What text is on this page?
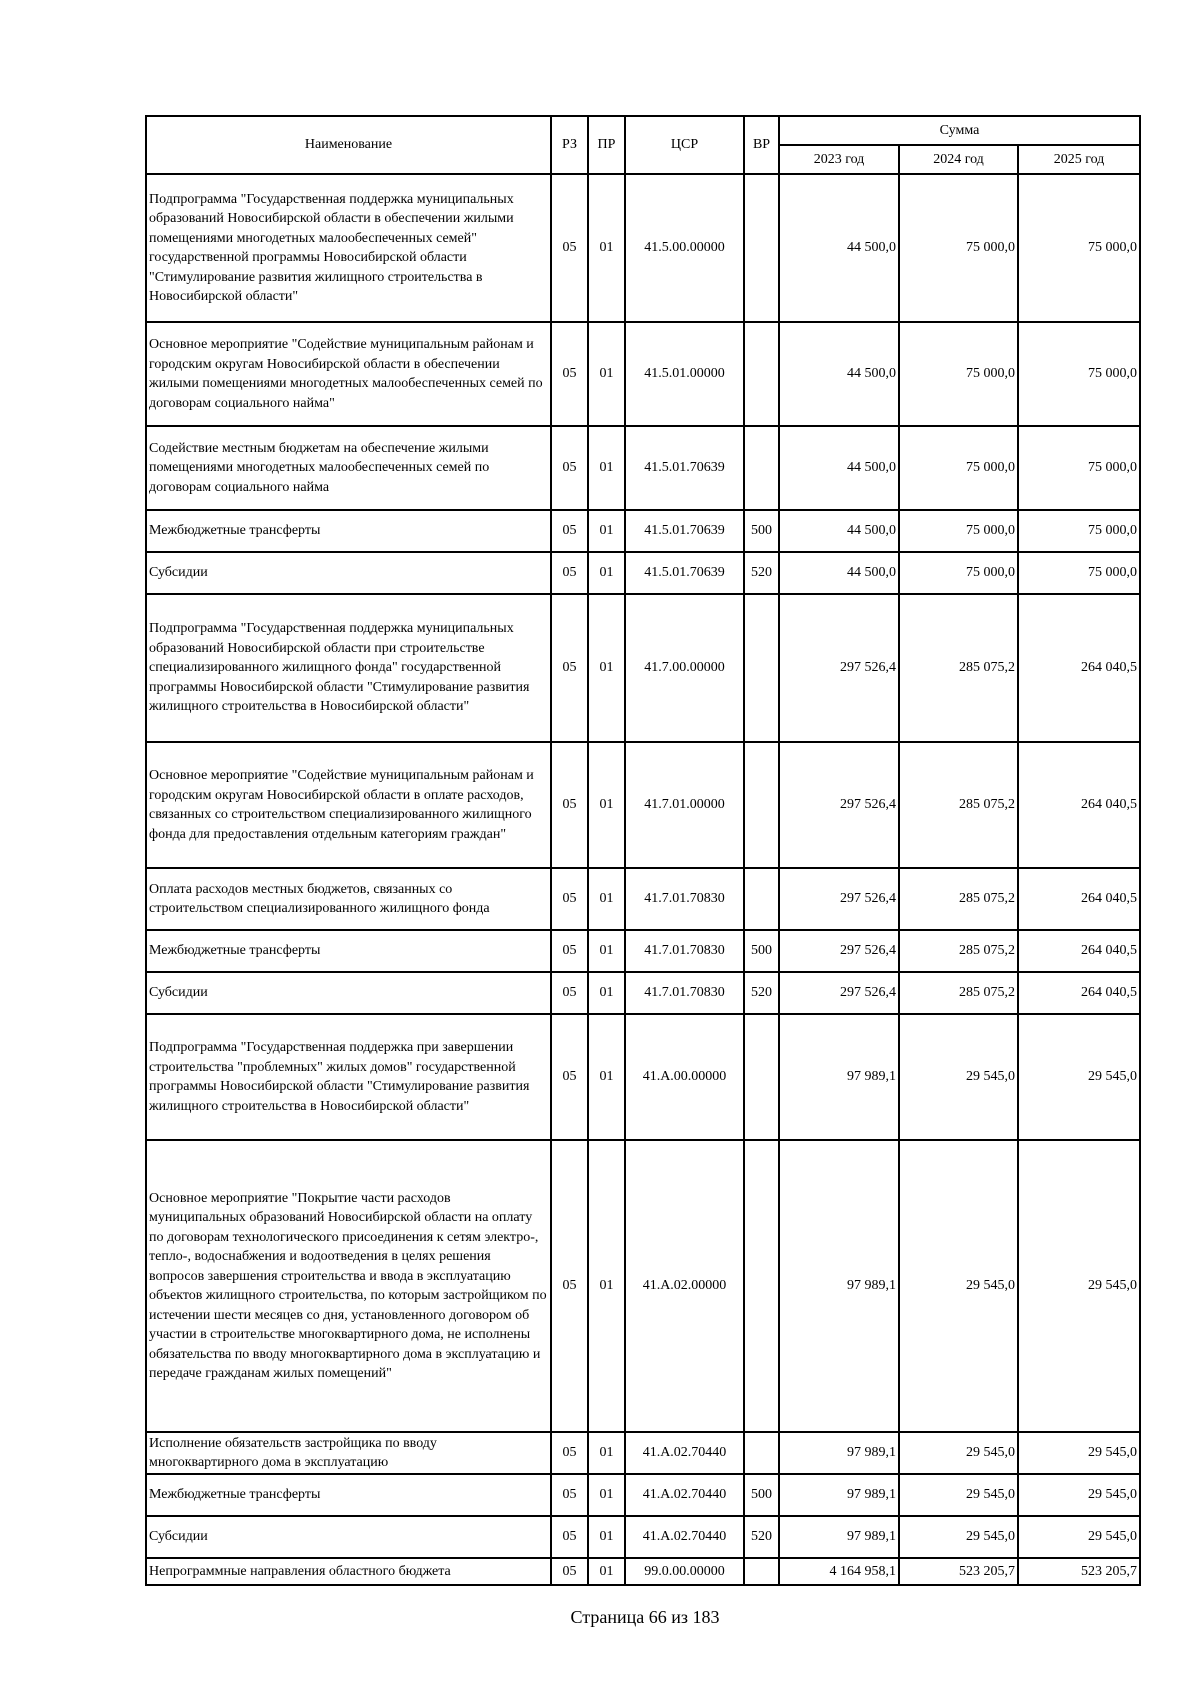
Наименование	РЗ	ПР	ЦСР	ВР	Сумма		
					2023 год	2024 год	2025 год
Подпрограмма "Государственная поддержка муниципальных образований Новосибирской области в обеспечении жилыми помещениями многодетных малообеспеченных семей" государственной программы Новосибирской области "Стимулирование развития жилищного строительства в Новосибирской области"	05	01	41.5.00.00000		44 500,0	75 000,0	75 000,0
Основное мероприятие "Содействие муниципальным районам и городским округам Новосибирской области в обеспечении жилыми помещениями многодетных малообеспеченных семей по договорам социального найма"	05	01	41.5.01.00000		44 500,0	75 000,0	75 000,0
Содействие местным бюджетам на обеспечение жилыми помещениями многодетных малообеспеченных семей по договорам социального найма	05	01	41.5.01.70639		44 500,0	75 000,0	75 000,0
Межбюджетные трансферты	05	01	41.5.01.70639	500	44 500,0	75 000,0	75 000,0
Субсидии	05	01	41.5.01.70639	520	44 500,0	75 000,0	75 000,0
Подпрограмма "Государственная поддержка муниципальных образований Новосибирской области при строительстве специализированного жилищного фонда" государственной программы Новосибирской области "Стимулирование развития жилищного строительства в Новосибирской области"	05	01	41.7.00.00000		297 526,4	285 075,2	264 040,5
Основное мероприятие "Содействие муниципальным районам и городским округам Новосибирской области в оплате расходов, связанных со строительством специализированного жилищного фонда для предоставления отдельным категориям граждан"	05	01	41.7.01.00000		297 526,4	285 075,2	264 040,5
Оплата расходов местных бюджетов, связанных со строительством специализированного жилищного фонда	05	01	41.7.01.70830		297 526,4	285 075,2	264 040,5
Межбюджетные трансферты	05	01	41.7.01.70830	500	297 526,4	285 075,2	264 040,5
Субсидии	05	01	41.7.01.70830	520	297 526,4	285 075,2	264 040,5
Подпрограмма "Государственная поддержка при завершении строительства "проблемных" жилых домов" государственной программы Новосибирской области "Стимулирование развития жилищного строительства в Новосибирской области"	05	01	41.А.00.00000		97 989,1	29 545,0	29 545,0
Основное мероприятие "Покрытие части расходов муниципальных образований Новосибирской области на оплату по договорам технологического присоединения к сетям электро-, тепло-, водоснабжения и водоотведения в целях решения вопросов завершения строительства и ввода в эксплуатацию объектов жилищного строительства, по которым застройщиком по истечении шести месяцев со дня, установленного договором об участии в строительстве многоквартирного дома, не исполнены обязательства по вводу многоквартирного дома в эксплуатацию и передаче гражданам жилых помещений"	05	01	41.А.02.00000		97 989,1	29 545,0	29 545,0
Исполнение обязательств застройщика по вводу многоквартирного дома в эксплуатацию	05	01	41.А.02.70440		97 989,1	29 545,0	29 545,0
Межбюджетные трансферты	05	01	41.А.02.70440	500	97 989,1	29 545,0	29 545,0
Субсидии	05	01	41.А.02.70440	520	97 989,1	29 545,0	29 545,0
Непрограммные направления областного бюджета	05	01	99.0.00.00000		4 164 958,1	523 205,7	523 205,7
Страница 66 из 183
